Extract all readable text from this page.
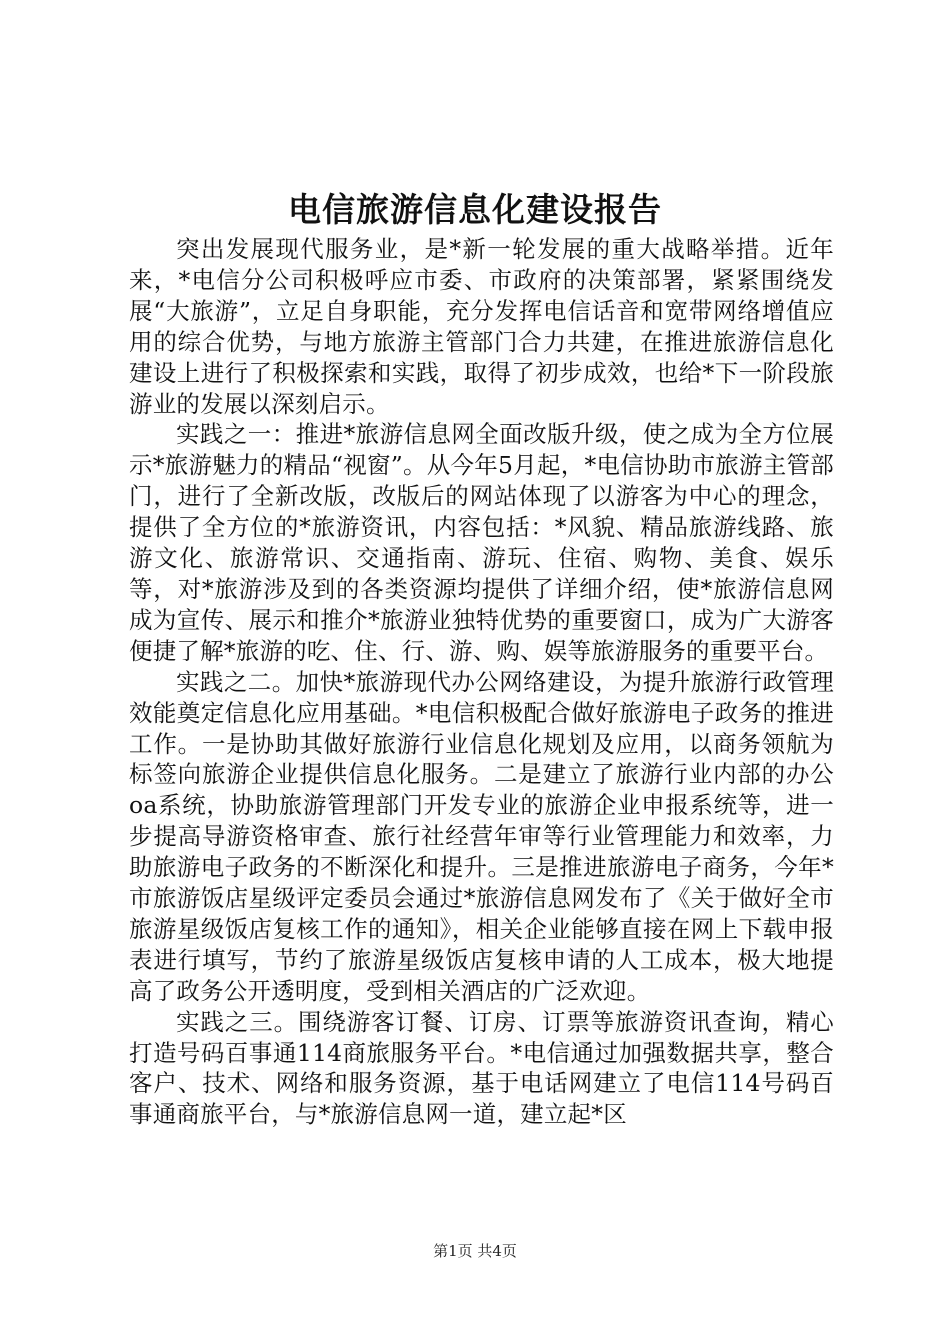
电信旅游信息化建设报告

突出发展现代服务业，是*新一轮发展的重大战略举措。近年来，*电信分公司积极呼应市委、市政府的决策部署，紧紧围绕发展“大旅游”，立足自身职能，充分发挥电信话音和宽带网络增值应用的综合优势，与地方旅游主管部门合力共建，在推进旅游信息化建设上进行了积极探索和实践，取得了初步成效，也给*下一阶段旅游业的发展以深刻启示。

实践之一：推进*旅游信息网全面改版升级，使之成为全方位展示*旅游魅力的精品“视窗”。从今年5月起，*电信协助市旅游主管部门，进行了全新改版，改版后的网站体现了以游客为中心的理念，提供了全方位的*旅游资讯，内容包括：*风貌、精品旅游线路、旅游文化、旅游常识、交通指南、游玩、住宿、购物、美食、娱乐等，对*旅游涉及到的各类资源均提供了详细介绍，使*旅游信息网成为宣传、展示和推介*旅游业独特优势的重要窗口，成为广大游客便捷了解*旅游的吃、住、行、游、购、娱等旅游服务的重要平台。

实践之二。加快*旅游现代办公网络建设，为提升旅游行政管理效能奠定信息化应用基础。*电信积极配合做好旅游电子政务的推进工作。一是协助其做好旅游行业信息化规划及应用，以商务领航为标签向旅游企业提供信息化服务。二是建立了旅游行业内部的办公oa系统，协助旅游管理部门开发专业的旅游企业申报系统等，进一步提高导游资格审查、旅行社经营年审等行业管理能力和效率，力助旅游电子政务的不断深化和提升。三是推进旅游电子商务，今年*市旅游饭店星级评定委员会通过*旅游信息网发布了《关于做好全市旅游星级饭店复核工作的通知》，相关企业能够直接在网上下载申报表进行填写，节约了旅游星级饭店复核申请的人工成本，极大地提高了政务公开透明度，受到相关酒店的广泛欢迎。

实践之三。围绕游客订餐、订房、订票等旅游资讯查询，精心打造号码百事通114商旅服务平台。*电信通过加强数据共享，整合客户、技术、网络和服务资源，基于电话网建立了电信114号码百事通商旅平台，与*旅游信息网一道，建立起*区

第1页 共4页
